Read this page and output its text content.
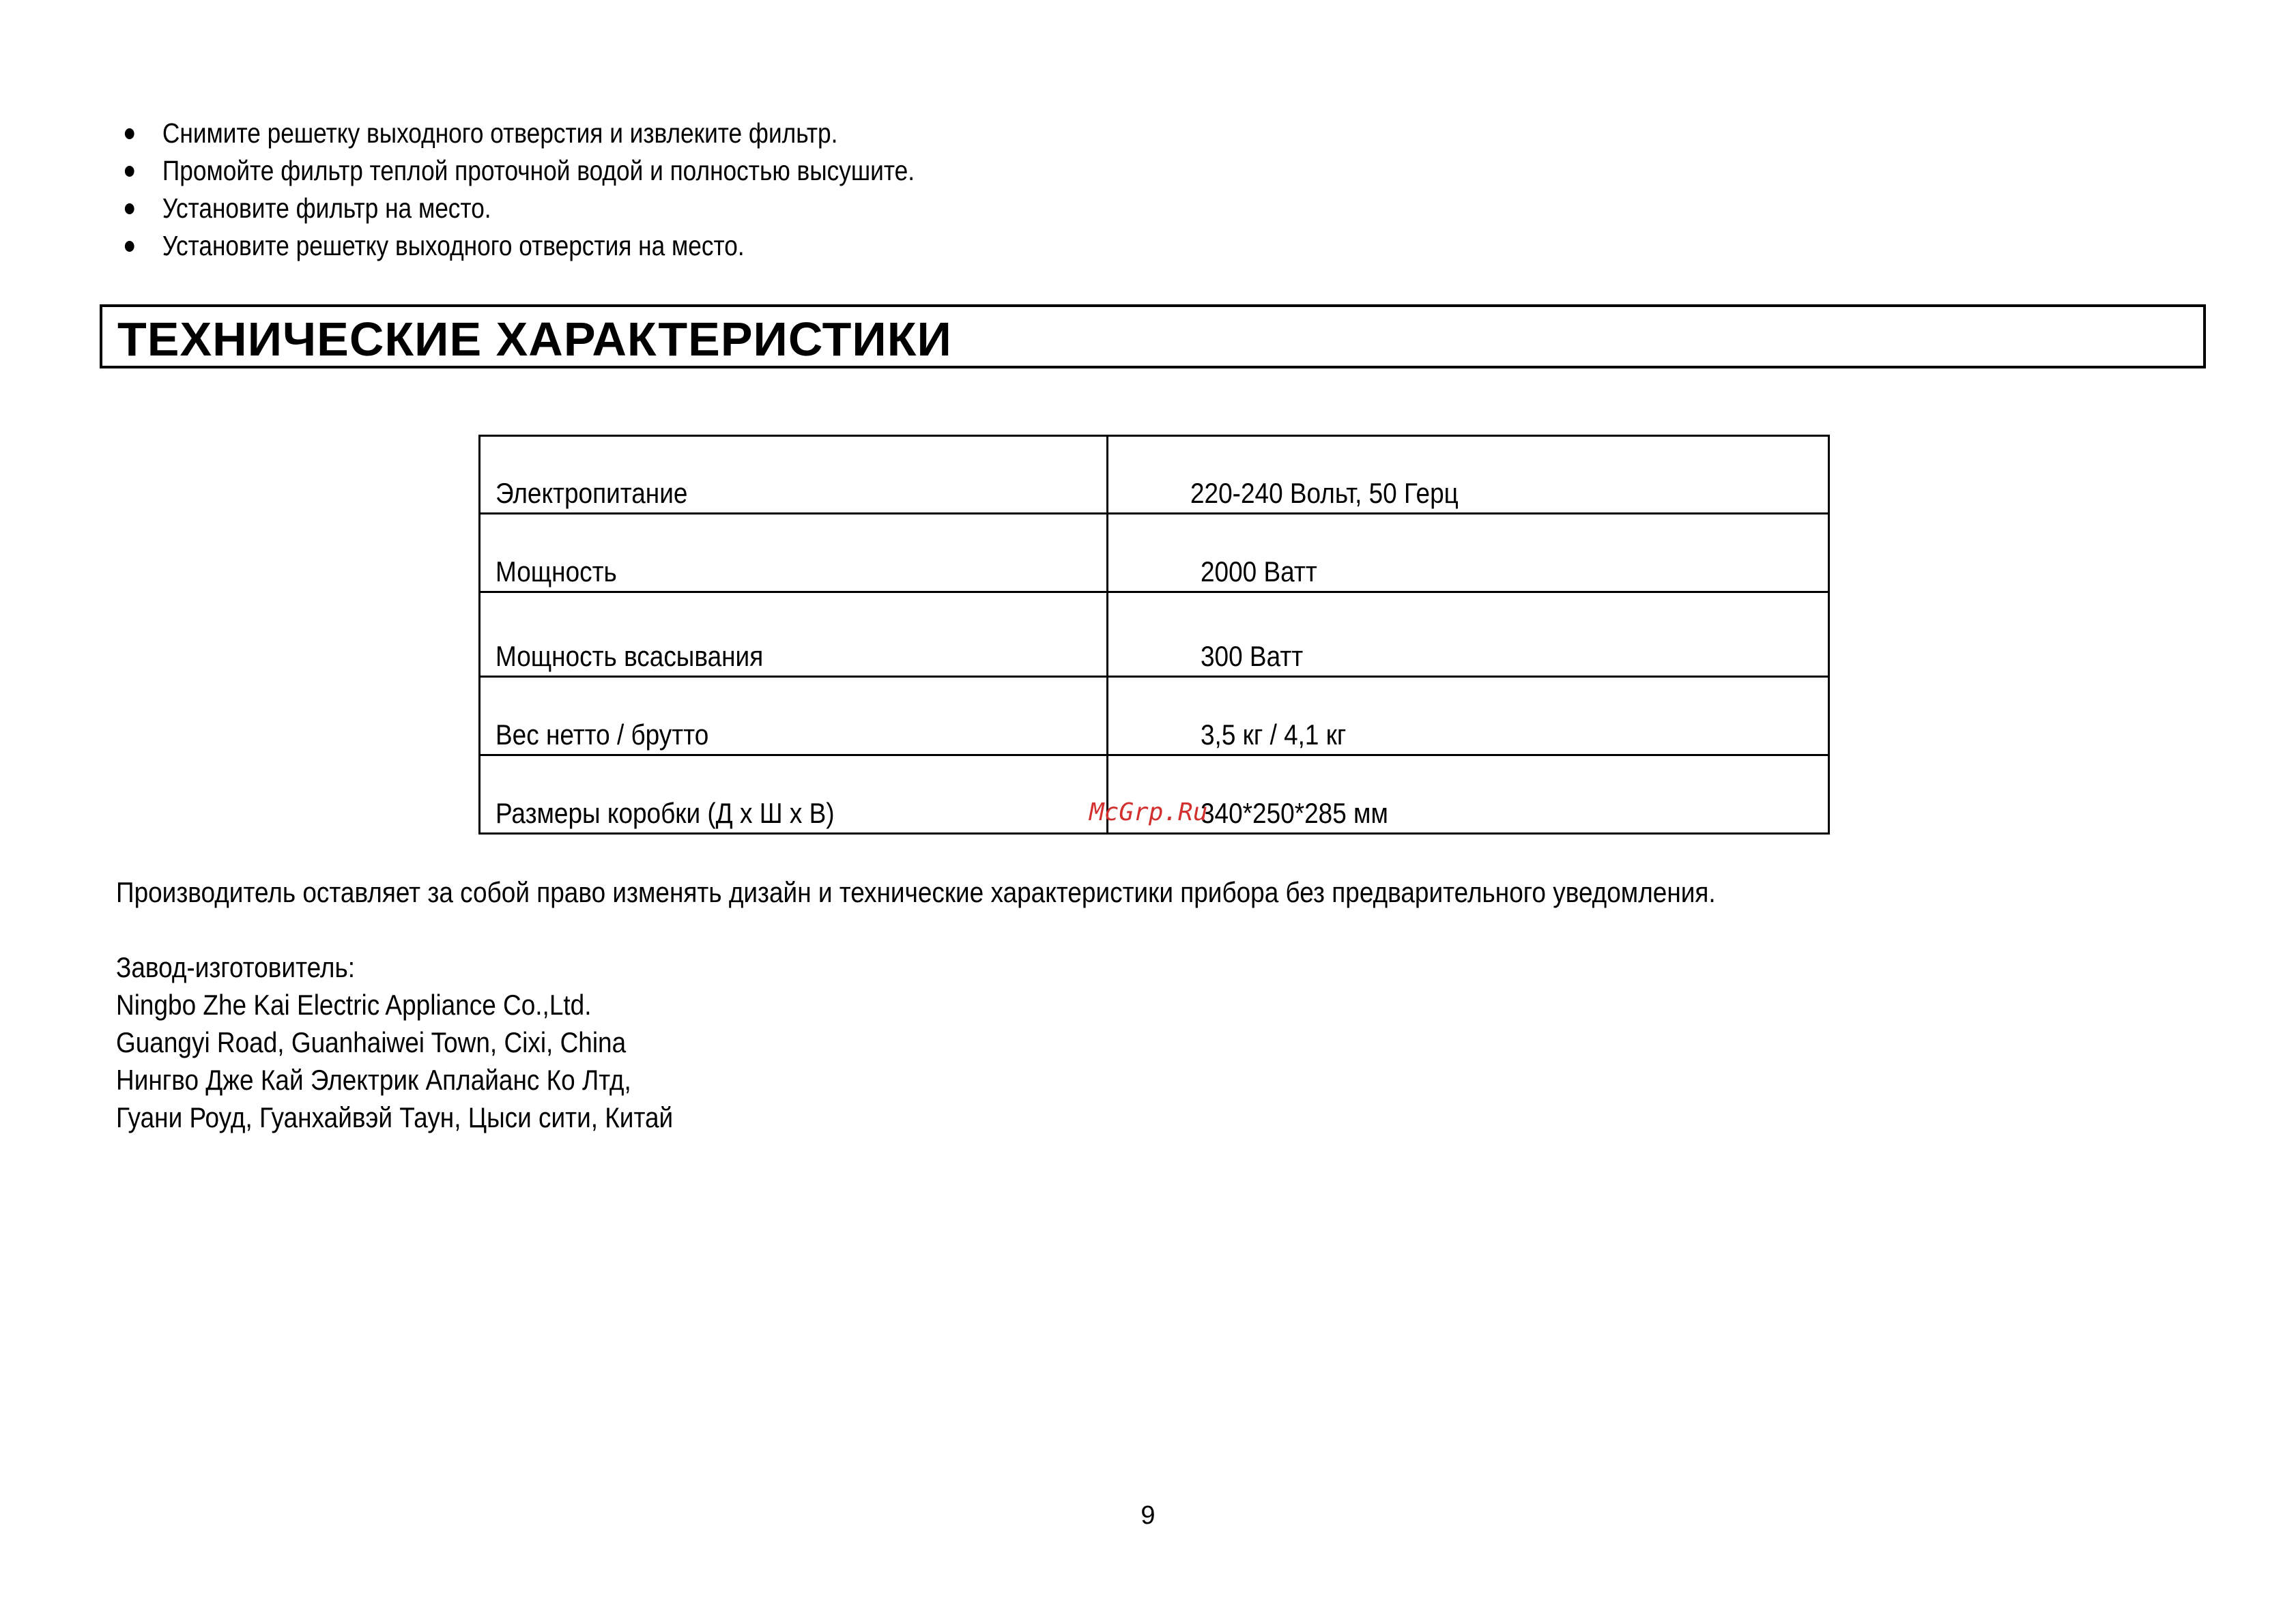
Снимите решетку выходного отверстия и извлеките фильтр.
Промойте фильтр теплой проточной водой и полностью высушите.
Установите фильтр на место.
Установите решетку выходного отверстия на место.
ТЕХНИЧЕСКИЕ ХАРАКТЕРИСТИКИ
Электропитание	220-240 Вольт, 50 Герц
Мощность	2000 Ватт
Мощность всасывания	300 Ватт
Вес нетто / брутто	3,5 кг / 4,1 кг
Размеры коробки (Д х Ш х В)	340*250*285 мм
McGrp.Ru

Производитель оставляет за собой право изменять дизайн и технические характеристики прибора без предварительного уведомления.

Завод-изготовитель:
Ningbo Zhe Kai Electric Appliance Co.,Ltd.
Guangyi Road, Guanhaiwei Town, Cixi, China
Нингво Дже Кай Электрик Аплайанс Ко Лтд,
Гуани Роуд, Гуанхайвэй Таун, Цыси сити, Китай
9
